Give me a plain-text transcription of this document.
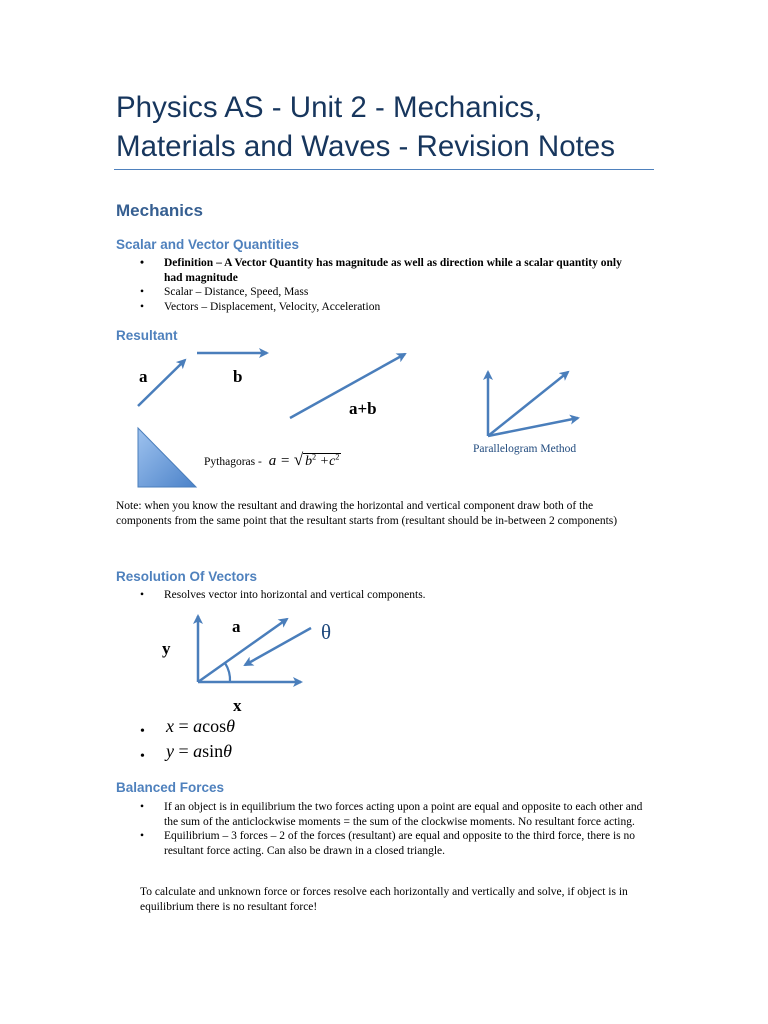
Physics AS - Unit 2 - Mechanics,
Materials and Waves - Revision Notes
Mechanics
Scalar and Vector Quantities
• Definition – A Vector Quantity has magnitude as well as direction while a scalar quantity only had magnitude
• Scalar – Distance, Speed, Mass
• Vectors – Displacement, Velocity, Acceleration
Resultant
a	b
a+b
Pythagoras - a = √ $b^2 +c^2$
Parallelogram Method
Note: when you know the resultant and drawing the horizontal and vertical component draw both of the components from the same point that the resultant starts from (resultant should be in-between 2 components)
Resolution Of Vectors
• Resolves vector into horizontal and vertical components.
a
y
x
θ
• x = acosθ
• y = asinθ
Balanced Forces
• If an object is in equilibrium the two forces acting upon a point are equal and opposite to each other and the sum of the anticlockwise moments = the sum of the clockwise moments. No resultant force acting.
• Equilibrium – 3 forces – 2 of the forces (resultant) are equal and opposite to the third force, there is no resultant force acting. Can also be drawn in a closed triangle.
To calculate and unknown force or forces resolve each horizontally and vertically and solve, if object is in equilibrium there is no resultant force!
